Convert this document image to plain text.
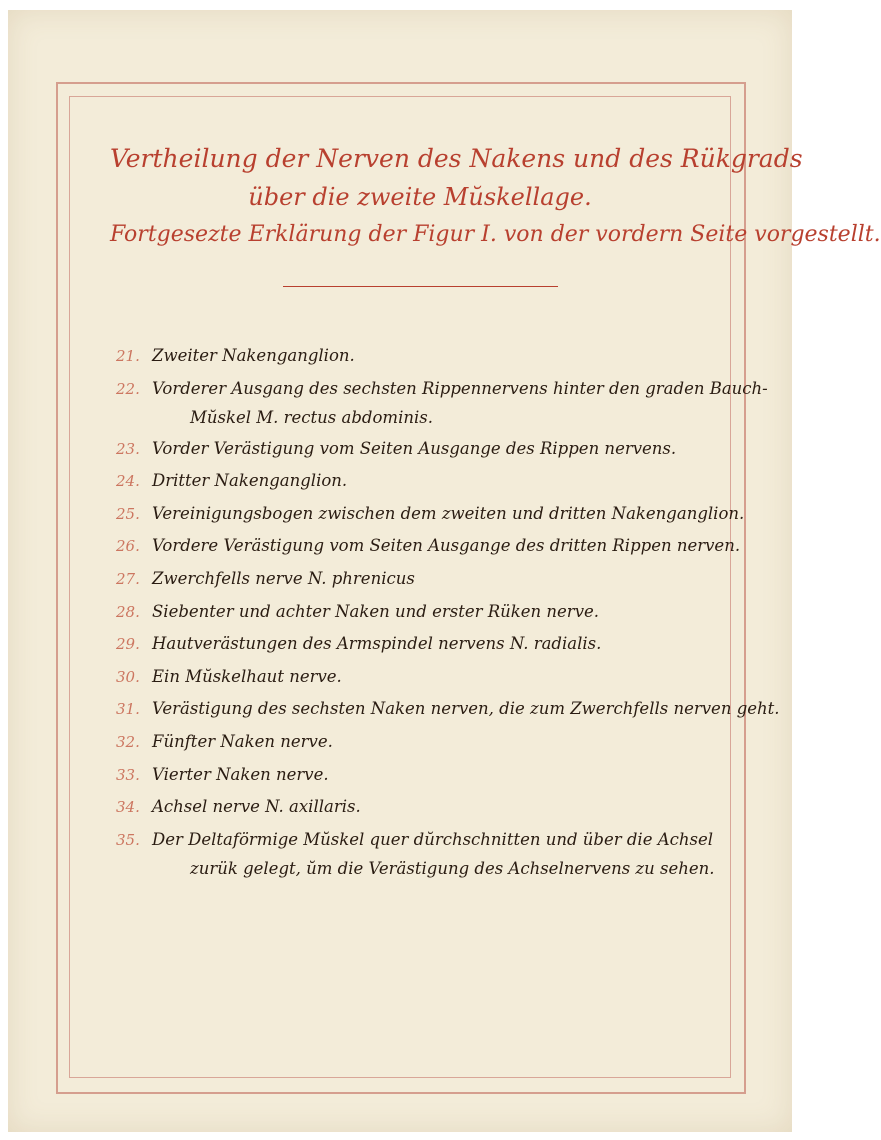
Vertheilung der Nerven des Nakens und des Rükgrads
über die zweite Mŭskellage.
Fortgesezte Erklärung der Figur I. von der vordern Seite vorgestellt.
21. Zweiter Nakenganglion.
22. Vorderer Ausgang des sechsten Rippennervens hinter den graden Bauch-
Mŭskel M. rectus abdominis.
23. Vorder Verästigung vom Seiten Ausgange des Rippen nervens.
24. Dritter Nakenganglion.
25. Vereinigungsbogen zwischen dem zweiten und dritten Nakenganglion.
26. Vordere Verästigung vom Seiten Ausgange des dritten Rippen nerven.
27. Zwerchfells nerve N. phrenicus
28. Siebenter und achter Naken und erster Rüken nerve.
29. Hautverästungen des Armspindel nervens N. radialis.
30. Ein Mŭskelhaut nerve.
31. Verästigung des sechsten Naken nerven, die zum Zwerchfells nerven geht.
32. Fünfter Naken nerve.
33. Vierter Naken nerve.
34. Achsel nerve N. axillaris.
35. Der Deltaförmige Mŭskel quer dŭrchschnitten und über die Achsel
zurük gelegt, ŭm die Verästigung des Achselnervens zu sehen.
